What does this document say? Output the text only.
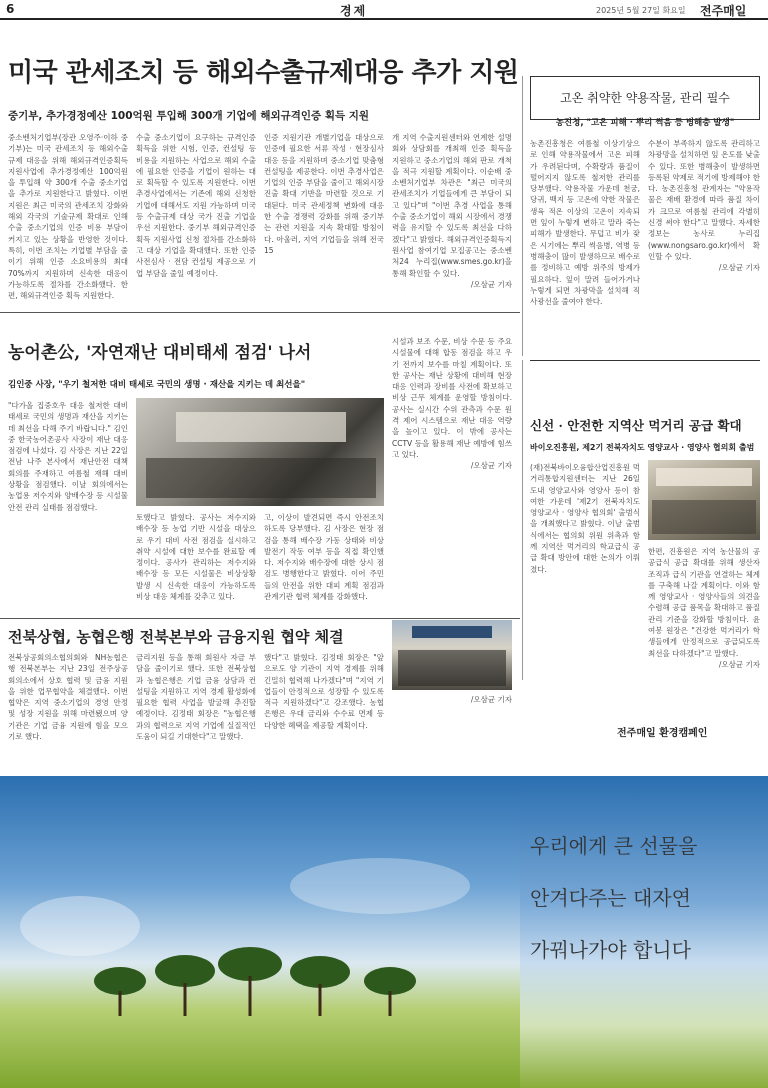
6	경제	2025년 5월 27일 화요일 전주매일
미국 관세조치 등 해외수출규제대응 추가 지원
중기부, 추가경정예산 100억원 투입해 300개 기업에 해외규격인증 획득 지원

중소벤처기업부(장관 오영주·이하 중기부)는 미국 관세조치 등 해외수출규제 대응을 위해 해외규격인증획득지원사업에 추가경정예산 100억원을 투입해 약 300개 수출 중소기업을 추가로 지원한다고 밝혔다. 이번 지원은 최근 미국의 관세조치 강화와 해외 각국의 기술규제 확대로 인해 수출 중소기업의 인증 비용 부담이 커지고 있는 상황을 반영한 것이다. 특히, 이번 조치는 기업별 부담을 줄이기 위해 인증 소요비용의 최대 70%까지 지원하며 신속한 대응이 가능하도록 절차를 간소화했다. 한편, 해외규격인증 획득 지원한다.

수출 중소기업이 요구하는 규격인증 획득을 위한 시험, 인증, 컨설팅 등 비용을 지원하는 사업으로 해외 수출에 필요한 인증을 기업이 원하는 대로 획득할 수 있도록 지원한다. 이번 추경사업에서는 기존에 해외 신청한 기업에 대해서도 지원 가능하며 미국 등 수출규제 대상 국가 진출 기업을 우선 지원한다. 중기부 해외규격인증획득 지원사업 신청 절차를 간소화하고 대상 기업을 확대했다. 또한 인증 사전심사 · 전담 컨설팅 제공으로 기업 부담을 줄일 예정이다.

인증 지원기관 개별기업을 대상으로 인증에 필요한 서류 작성 · 현장심사 대응 등을 지원하며 중소기업 맞춤형 컨설팅을 제공한다. 이번 추경사업은 기업의 인증 부담을 줄이고 해외시장 진출 확대 기반을 마련할 것으로 기대된다. 미국 관세정책 변화에 대응한 수출 경쟁력 강화를 위해 중기부는 관련 지원을 지속 확대할 방침이다. 아울러, 지역 기업들을 위해 전국 15

개 지역 수출지원센터와 연계한 설명회와 상담회를 개최해 인증 획득을 지원하고 중소기업의 해외 판로 개척을 적극 지원할 계획이다. 이순배 중소벤처기업부 차관은 "최근 미국의 관세조치가 기업들에게 큰 부담이 되고 있다"며 "이번 추경 사업을 통해 수출 중소기업이 해외 시장에서 경쟁력을 유지할 수 있도록 최선을 다하겠다"고 밝혔다. 해외규격인증획득지원사업 참여기업 모집공고는 중소벤처24 누리집(www.smes.go.kr)을 통해 확인할 수 있다.

/오삼균 기자
고온 취약한 약용작물, 관리 필수
농진청, "고온 피해 · 뿌리 썩음 등 병해충 발생"

농촌진흥청은 여름철 이상기상으로 인해 약용작물에서 고온 피해가 우려된다며, 수확량과 품질이 떨어지지 않도록 철저한 관리를 당부했다. 약용작물 가운데 천궁, 당귀, 백지 등 고온에 약한 작물은 생육 적온 이상의 고온이 지속되면 잎이 누렇게 변하고 말라 죽는 피해가 발생한다. 무덥고 비가 잦은 시기에는 뿌리 썩음병, 역병 등 병해충이 많이 발생하므로 배수로를 정비하고 예방 위주의 방제가 필요하다. 잎이 말려 들어가거나 누렇게 되면 차광막을 설치해 직사광선을 줄여야 한다.

수분이 부족하지 않도록 관리하고 차광망을 설치하면 잎 온도를 낮출 수 있다. 또한 병해충이 발생하면 등록된 약제로 적기에 방제해야 한다. 농촌진흥청 관계자는 "약용작물은 재배 환경에 따라 품질 차이가 크므로 여름철 관리에 각별히 신경 써야 한다"고 말했다. 자세한 정보는 농사로 누리집(www.nongsaro.go.kr)에서 확인할 수 있다.

/오삼균 기자
농어촌公, '자연재난 대비태세 점검' 나서
김인중 사장, "우기 철저한 대비 태세로 국민의 생명 · 재산을 지키는 데 최선을"

"다가올 집중호우 대응 철저한 대비 태세로 국민의 생명과 재산을 지키는 데 최선을 다해 주기 바랍니다." 김인중 한국농어촌공사 사장이 재난 대응 점검에 나섰다. 김 사장은 지난 22일 전남 나주 본사에서 재난안전 대책 회의를 주재하고 여름철 재해 대비 상황을 점검했다. 이날 회의에서는 농업용 저수지와 양배수장 등 시설물 안전 관리 실태를 점검했다.

토했다고 밝혔다. 공사는 저수지와 배수장 등 농업 기반 시설을 대상으로 우기 대비 사전 점검을 실시하고 취약 시설에 대한 보수를 완료할 예정이다. 공사가 관리하는 저수지와 배수장 등 모든 시설물은 비상상황 발생 시 신속한 대응이 가능하도록 비상 대응 체계를 갖추고 있다.

고, 이상이 발견되면 즉시 안전조치 하도록 당부했다. 김 사장은 현장 점검을 통해 배수장 가동 상태와 비상 발전기 작동 여부 등을 직접 확인했다. 저수지와 배수장에 대한 상시 점검도 병행한다고 밝혔다. 이어 주민들의 안전을 위한 대피 계획 점검과 관계기관 협력 체계를 강화했다.

시설과 보조 수문, 비상 수문 등 주요 시설물에 대해 합동 점검을 하고 우기 전까지 보수를 마칠 계획이다. 또한 공사는 재난 상황에 대비해 현장 대응 인력과 장비를 사전에 확보하고 비상 근무 체계를 운영할 방침이다. 공사는 실시간 수위 관측과 수문 원격 제어 시스템으로 재난 대응 역량을 높이고 있다. 이 밖에 공사는 CCTV 등을 활용해 재난 예방에 힘쓰고 있다.

/오삼균 기자
신선 · 안전한 지역산 먹거리 공급 확대
바이오진흥원, 제2기 전북자치도 영양교사 · 영양사 협의회 출범

(재)전북바이오융합산업진흥원 먹거리통합지원센터는 지난 26일 도내 영양교사와 영양사 등이 참여한 가운데 '제2기 전북자치도 영양교사 · 영양사 협의회' 출범식을 개최했다고 밝혔다. 이날 출범식에서는 협의회 위원 위촉과 함께 지역산 먹거리의 학교급식 공급 확대 방안에 대한 논의가 이뤄졌다.

한편, 진흥원은 지역 농산물의 공공급식 공급 확대를 위해 생산자 조직과 급식 기관을 연결하는 체계를 구축해 나갈 계획이다. 이와 함께 영양교사 · 영양사들의 의견을 수렴해 공급 품목을 확대하고 품질 관리 기준을 강화할 방침이다. 윤여봉 원장은 "건강한 먹거리가 학생들에게 안정적으로 공급되도록 최선을 다하겠다"고 말했다.

/오삼균 기자
전북상협, 농협은행 전북본부와 금융지원 협약 체결

전북상공회의소협의회와 NH농협은행 전북본부는 지난 23일 전주상공회의소에서 상호 협력 및 금융 지원을 위한 업무협약을 체결했다. 이번 협약은 지역 중소기업의 경영 안정 및 성장 지원을 위해 마련됐으며 양 기관은 기업 금융 지원에 힘을 모으기로 했다.

금리지원 등을 통해 회원사 자금 부담을 줄이기로 했다. 또한 전북상협과 농협은행은 기업 금융 상담과 컨설팅을 지원하고 지역 경제 활성화에 필요한 협력 사업을 발굴해 추진할 예정이다. 김정태 회장은 "농협은행과의 협력으로 지역 기업에 실질적인 도움이 되길 기대한다"고 말했다.

했다"고 밝혔다. 김정태 회장은 "앞으로도 양 기관이 지역 경제를 위해 긴밀히 협력해 나가겠다"며 "지역 기업들이 안정적으로 성장할 수 있도록 적극 지원하겠다"고 강조했다. 농협은행은 우대 금리와 수수료 면제 등 다양한 혜택을 제공할 계획이다.

/오삼균 기자
전주매일 환경캠페인
우리에게 큰 선물을
안겨다주는 대자연
가꿔나가야 합니다
